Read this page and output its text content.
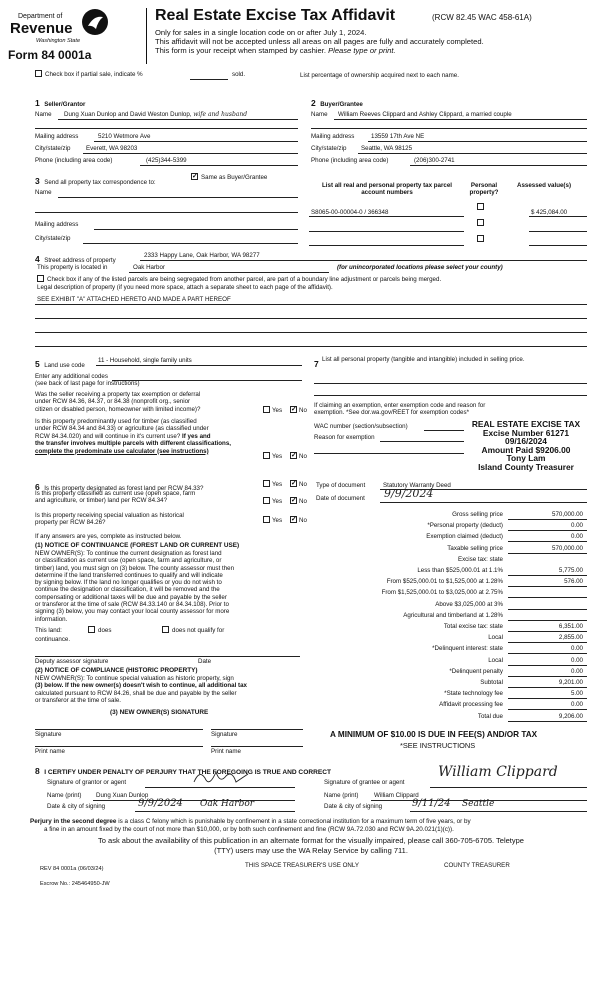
Department of
Revenue
Washington State
Form 84 0001a
Real Estate Excise Tax Affidavit	(RCW 82.45 WAC 458-61A)
Only for sales in a single location code on or after July 1, 2024.
This affidavit will not be accepted unless all areas on all pages are fully and accurately completed.
This form is your receipt when stamped by cashier. Please type or print.
Check box if partial sale, indicate %	sold.	List percentage of ownership acquired next to each name.
1 Seller/Grantor
Name Dung Xuan Dunlop and David Weston Dunlop, wife and husband
Mailing address	5210 Wetmore Ave
City/state/zip	Everett, WA 98203
Phone (including area code)	(425)344-5399
2 Buyer/Grantee
Name William Reeves Clippard and Ashley Clippard, a married couple
Mailing address	13559 17th Ave NE
City/state/zip Seattle, WA 98125
Phone (including area code)	(206)300-2741
3 Send all property tax correspondence to:
✓ Same as Buyer/Grantee
Name
Mailing address
City/state/zip
List all real and personal property tax parcel account numbers
Personal property?
Assessed value(s)
S8065-00-00004-0 / 366348	$ 425,084.00
4 Street address of property
2333 Happy Lane, Oak Harbor, WA 98277
This property is located in	Oak Harbor	(for unincorporated locations please select your county)
Check box if any of the listed parcels are being segregated from another parcel, are part of a boundary line adjustment or parcels being merged.
Legal description of property (if you need more space, attach a separate sheet to each page of the affidavit).
SEE EXHIBIT "A" ATTACHED HERETO AND MADE A PART HEREOF
5 Land use code
11 - Household, single family units
Enter any additional codes
(see back of last page for instructions)
Was the seller receiving a property tax exemption or deferral
under RCW 84.36, 84.37, or 84.38 (nonprofit org., senior
citizen or disabled person, homeowner with limited income)?	Yes ✓ No
Is this property predominantly used for timber (as classified
under RCW 84.34 and 84.33) or agriculture (as classified under
RCW 84.34.020) and will continue in it's current use? If yes and
the transfer involves multiple parcels with different classifications,
complete the predominate use calculator (see instructions)
Yes ✓ No
7 List all personal property (tangible and intangible) included in selling price.
If claiming an exemption, enter exemption code and reason for
exemption. *See dor.wa.gov/REET for exemption codes*
WAC number (section/subsection)
Reason for exemption
REAL ESTATE EXCISE TAX
Excise Number 61271
09/16/2024
Amount Paid $9206.00
Tony Lam
Island County Treasurer
Type of document	Statutory Warranty Deed
Date of document 9/9/2024
6 Is this property designated as forest land per RCW 84.33?
Yes ✓ No
Is this property classified as current use (open space, farm
and agriculture, or timber) land per RCW 84.34?	Yes ✓ No
Is this property receiving special valuation as historical
property per RCW 84.26?	Yes ✓ No
If any answers are yes, complete as instructed below.
(1) NOTICE OF CONTINUANCE (FOREST LAND OR CURRENT USE)
NEW OWNER(S): To continue the current designation as forest land
or classification as current use (open space, farm and agriculture, or
timber) land, you must sign on (3) below. The county assessor must then
determine if the land transferred continues to qualify and will indicate
by signing below. If the land no longer qualifies or you do not wish to
continue the designation or classification, it will be removed and the
compensating or additional taxes will be due and payable by the seller
or transferor at the time of sale (RCW 84.33.140 or 84.34.108). Prior to
signing (3) below, you may contact your local county assessor for more
information.
This land:	does	does not qualify for
continuance.
Deputy assessor signature	Date
(2) NOTICE OF COMPLIANCE (HISTORIC PROPERTY)
NEW OWNER(S): To continue special valuation as historic property, sign
(3) below. If the new owner(s) doesn't wish to continue, all additional tax
calculated pursuant to RCW 84.26, shall be due and payable by the seller
or transferor at the time of sale.
(3) NEW OWNER(S) SIGNATURE
Signature	Signature
Print name	Print name
Gross selling price	570,000.00
*Personal property (deduct)	0.00
Exemption claimed (deduct)	0.00
Taxable selling price	570,000.00
Excise tax: state
Less than $525,000.01 at 1.1%	5,775.00
From $525,000.01 to $1,525,000 at 1.28%	576.00
From $1,525,000.01 to $3,025,000 at 2.75%
Above $3,025,000 at 3%
Agricultural and timberland at 1.28%
Total excise tax: state	6,351.00
Local	2,855.00
*Delinquent interest: state	0.00
Local	0.00
*Delinquent penalty	0.00
Subtotal	9,201.00
*State technology fee	5.00
Affidavit processing fee	0.00
Total due	9,206.00
A MINIMUM OF $10.00 IS DUE IN FEE(S) AND/OR TAX
*SEE INSTRUCTIONS
8 I CERTIFY UNDER PENALTY OF PERJURY THAT THE FOREGOING IS TRUE AND CORRECT
Signature of grantor or agent
Name (print) Dung Xuan Dunlop
Date & city of signing	9/9/2024 Oak Harbor
Signature of grantee or agent
William Clippard
Name (print)	William Clippard
Date & city of signing	9/11/24 Seattle
Perjury in the second degree is a class C felony which is punishable by confinement in a state correctional institution for a maximum term of five years, or by
a fine in an amount fixed by the court of not more than $10,000, or by both such confinement and fine (RCW 9A.72.030 and RCW 9A.20.021(1)(c)).
To ask about the availability of this publication in an alternate format for the visually impaired, please call 360-705-6705. Teletype
(TTY) users may use the WA Relay Service by calling 711.
REV 84 0001a (06/03/24)	THIS SPACE TREASURER'S USE ONLY	COUNTY TREASURER
Escrow No.: 245464950-JW
